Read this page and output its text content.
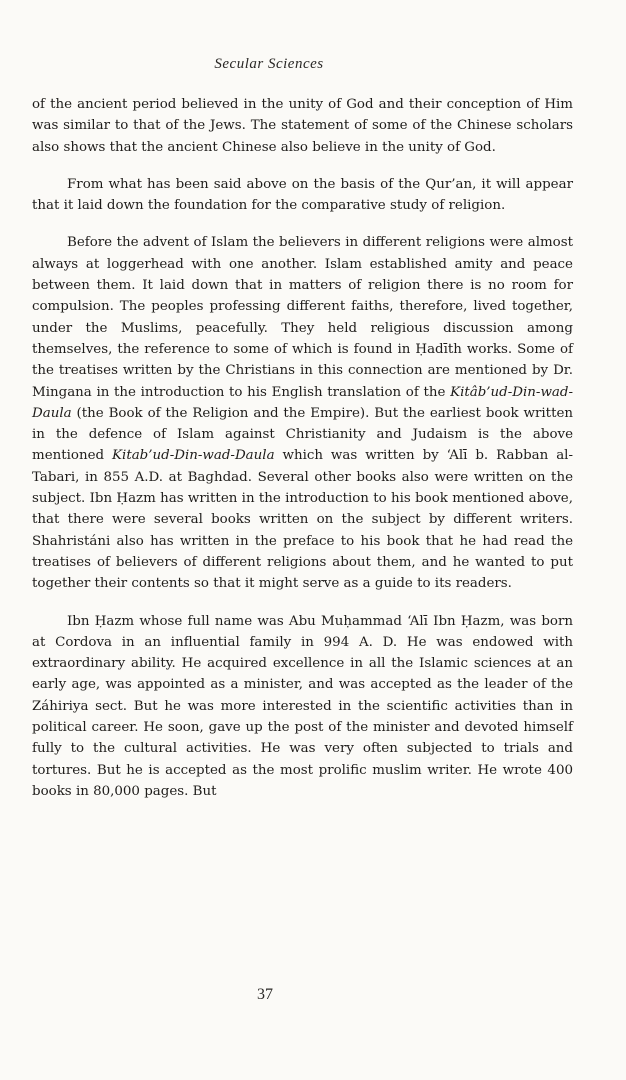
Secular Sciences

of the ancient period believed in the unity of God and their conception of Him was similar to that of the Jews. The statement of some of the Chinese scholars also shows that the ancient Chinese also believe in the unity of God.

From what has been said above on the basis of the Qur’an, it will appear that it laid down the foundation for the comparative study of religion.

Before the advent of Islam the believers in different religions were almost always at loggerhead with one another. Islam established amity and peace between them. It laid down that in matters of religion there is no room for compulsion. The peoples professing different faiths, therefore, lived together, under the Muslims, peacefully. They held religious discussion among themselves, the reference to some of which is found in Ḥadīth works. Some of the treatises written by the Christians in this connection are mentioned by Dr. Mingana in the introduction to his English translation of the Kitâb’ud-Din-wad-Daula (the Book of the Religion and the Empire). But the earliest book written in the defence of Islam against Christianity and Judaism is the above mentioned Kitab’ud-Din-wad-Daula which was written by ‘Alī b. Rabban al-Tabari, in 855 A.D. at Baghdad. Several other books also were written on the subject. Ibn Ḥazm has written in the introduction to his book mentioned above, that there were several books written on the subject by different writers. Shahristáni also has written in the preface to his book that he had read the treatises of believers of different religions about them, and he wanted to put together their contents so that it might serve as a guide to its readers.

Ibn Ḥazm whose full name was Abu Muḥammad ‘Alī Ibn Ḥazm, was born at Cordova in an influential family in 994 A. D. He was endowed with extraordinary ability. He acquired excellence in all the Islamic sciences at an early age, was appointed as a minister, and was accepted as the leader of the Záhiriya sect. But he was more interested in the scientific activities than in political career. He soon, gave up the post of the minister and devoted himself fully to the cultural activities. He was very often subjected to trials and tortures. But he is accepted as the most prolific muslim writer. He wrote 400 books in 80,000 pages. But

37
